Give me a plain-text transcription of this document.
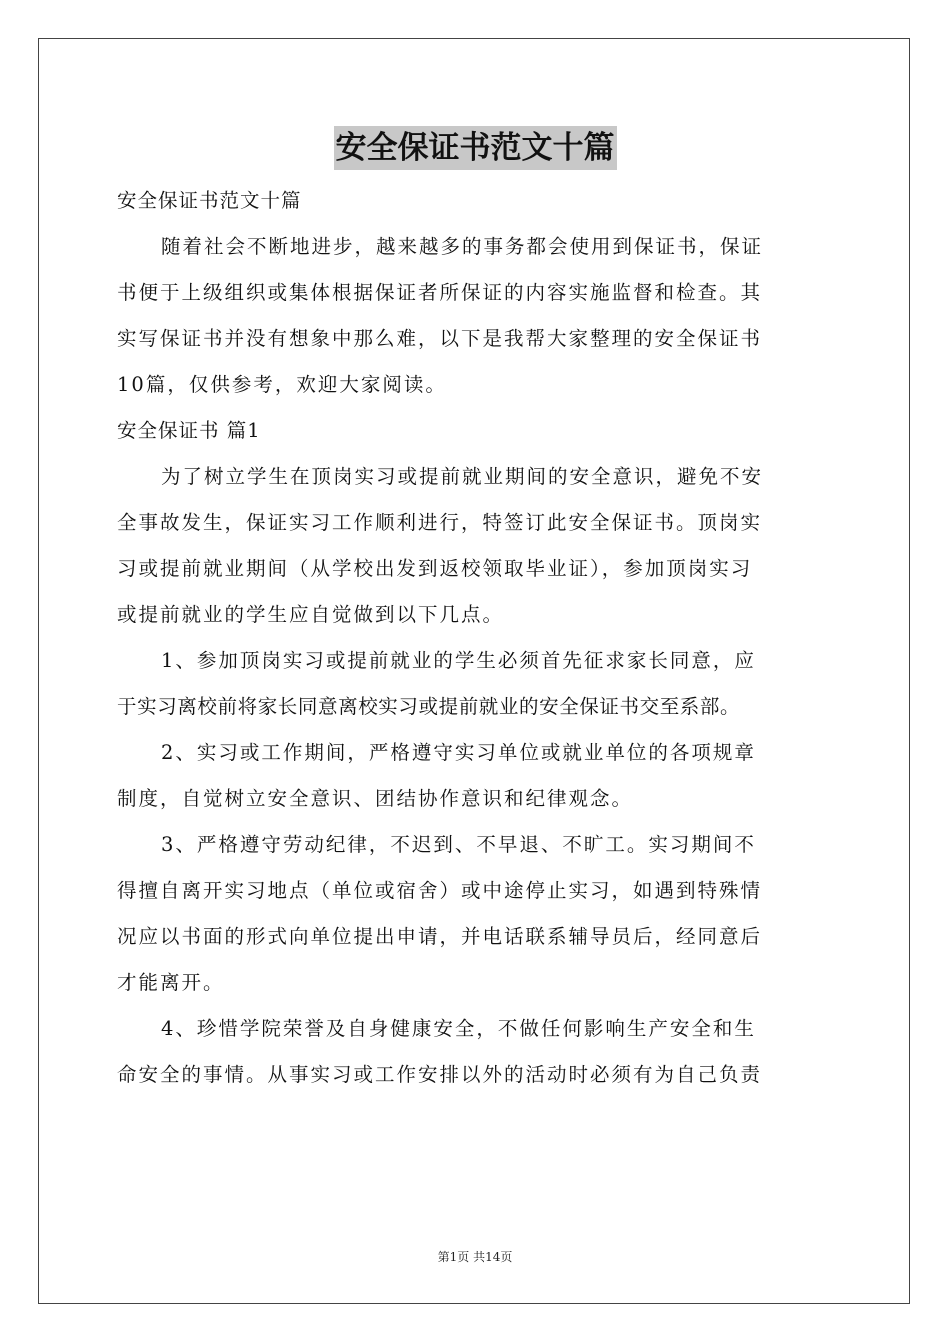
安全保证书范文十篇
安全保证书范文十篇
随着社会不断地进步，越来越多的事务都会使用到保证书，保证
书便于上级组织或集体根据保证者所保证的内容实施监督和检查。其
实写保证书并没有想象中那么难，以下是我帮大家整理的安全保证书
10篇，仅供参考，欢迎大家阅读。
安全保证书 篇1
为了树立学生在顶岗实习或提前就业期间的安全意识，避免不安
全事故发生，保证实习工作顺利进行，特签订此安全保证书。顶岗实
习或提前就业期间（从学校出发到返校领取毕业证），参加顶岗实习
或提前就业的学生应自觉做到以下几点。
1、参加顶岗实习或提前就业的学生必须首先征求家长同意，应
于实习离校前将家长同意离校实习或提前就业的安全保证书交至系部。
2、实习或工作期间，严格遵守实习单位或就业单位的各项规章
制度，自觉树立安全意识、团结协作意识和纪律观念。
3、严格遵守劳动纪律，不迟到、不早退、不旷工。实习期间不
得擅自离开实习地点（单位或宿舍）或中途停止实习，如遇到特殊情
况应以书面的形式向单位提出申请，并电话联系辅导员后，经同意后
才能离开。
4、珍惜学院荣誉及自身健康安全，不做任何影响生产安全和生
命安全的事情。从事实习或工作安排以外的活动时必须有为自己负责
第1页 共14页
